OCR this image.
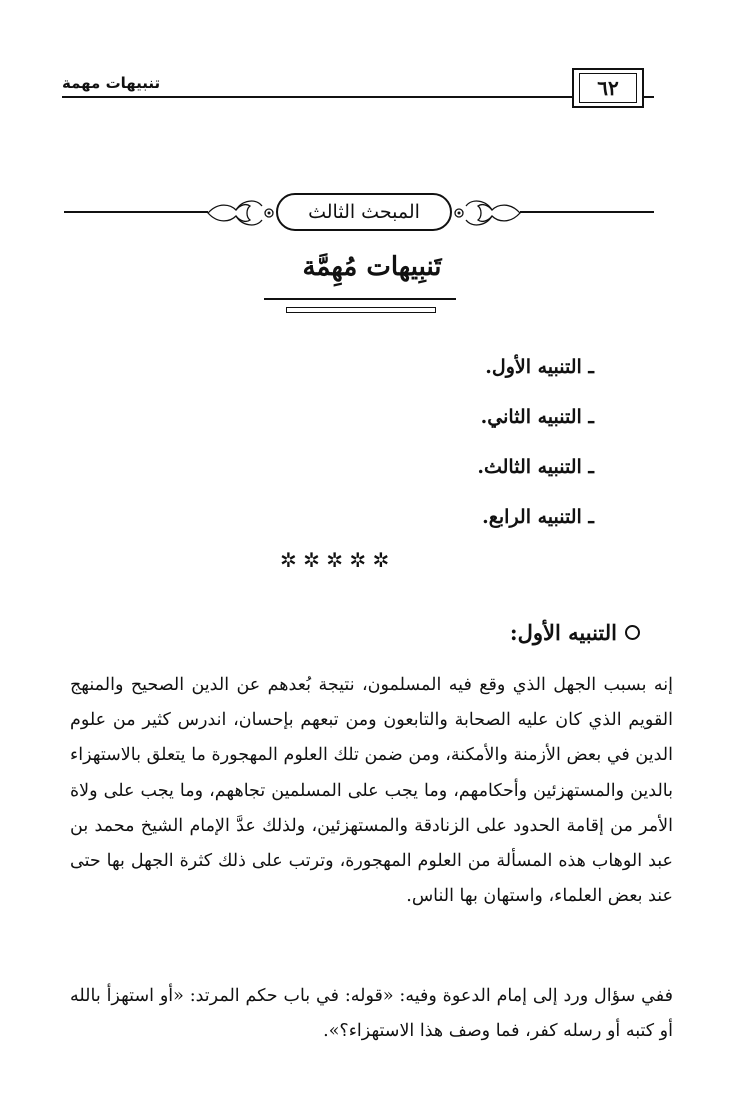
تنبيهات مهمة	٦٢
المبحث الثالث
تَنبِيهات مُهِمَّة
ـ التنبيه الأول.
ـ التنبيه الثاني.
ـ التنبيه الثالث.
ـ التنبيه الرابع.
✲ ✲ ✲ ✲ ✲
التنبيه الأول:

إنه بسبب الجهل الذي وقع فيه المسلمون، نتيجة بُعدهم عن الدين الصحيح والمنهج القويم الذي كان عليه الصحابة والتابعون ومن تبعهم بإحسان، اندرس كثير من علوم الدين في بعض الأزمنة والأمكنة، ومن ضمن تلك العلوم المهجورة ما يتعلق بالاستهزاء بالدين والمستهزئين وأحكامهم، وما يجب على المسلمين تجاههم، وما يجب على ولاة الأمر من إقامة الحدود على الزنادقة والمستهزئين، ولذلك عدَّ الإمام الشيخ محمد بن عبد الوهاب هذه المسألة من العلوم المهجورة، وترتب على ذلك كثرة الجهل بها حتى عند بعض العلماء، واستهان بها الناس.

ففي سؤال ورد إلى إمام الدعوة وفيه: «قوله: في باب حكم المرتد: «أو استهزأ بالله أو كتبه أو رسله كفر، فما وصف هذا الاستهزاء؟».
